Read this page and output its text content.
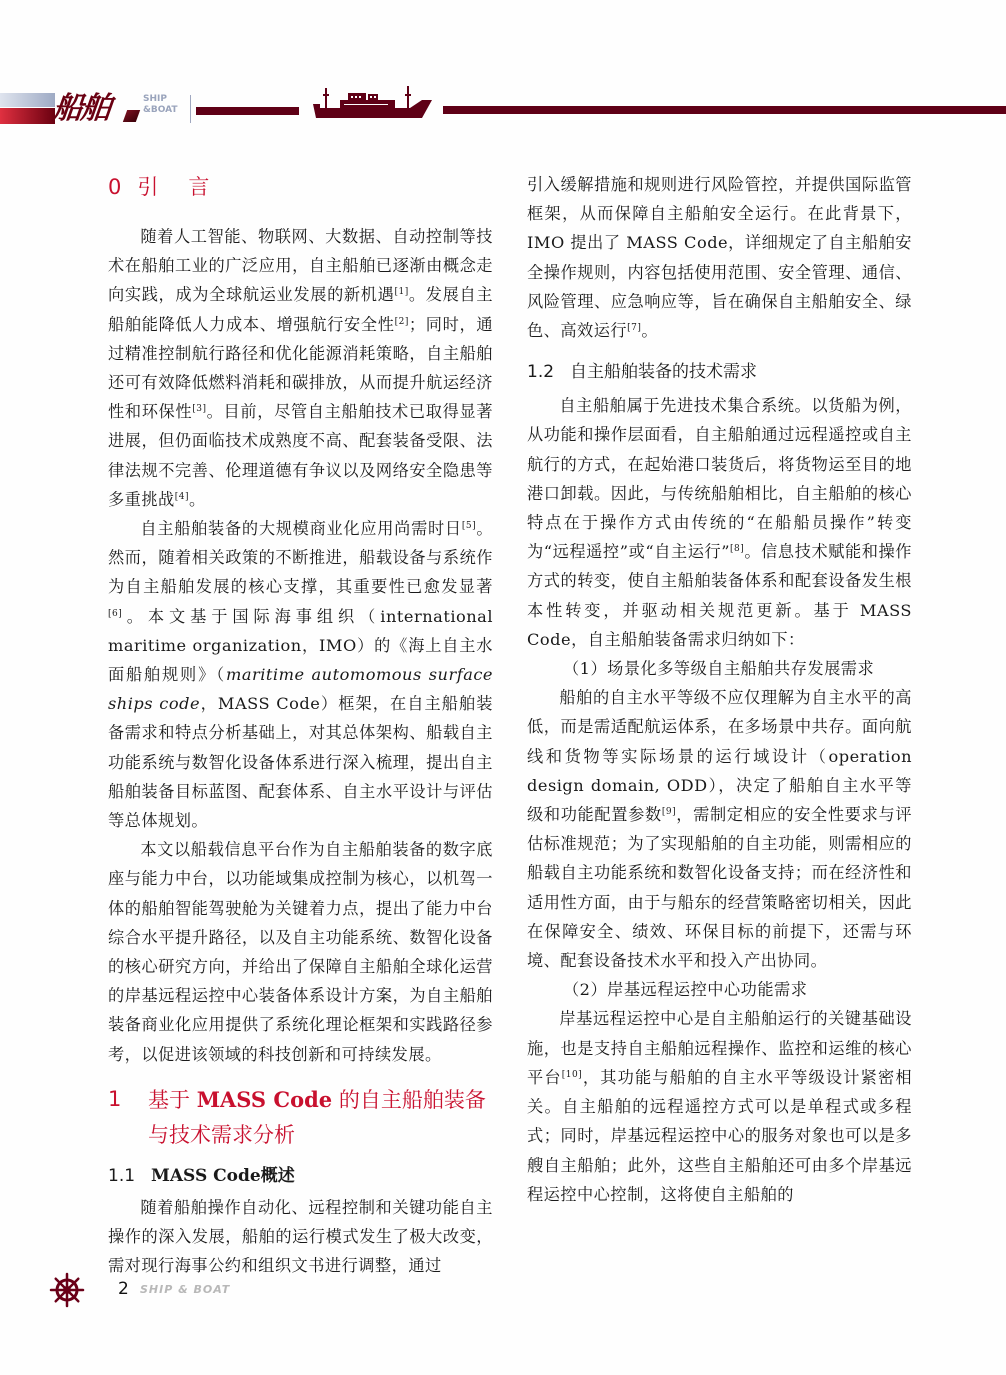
船舶	SHIP
&BOAT
0 引 言

随着人工智能、物联网、大数据、自动控制等技术在船舶工业的广泛应用，自主船舶已逐渐由概念走向实践，成为全球航运业发展的新机遇[1]。发展自主船舶能降低人力成本、增强航行安全性[2]；同时，通过精准控制航行路径和优化能源消耗策略，自主船舶还可有效降低燃料消耗和碳排放，从而提升航运经济性和环保性[3]。目前，尽管自主船舶技术已取得显著进展，但仍面临技术成熟度不高、配套装备受限、法律法规不完善、伦理道德有争议以及网络安全隐患等多重挑战[4]。

自主船舶装备的大规模商业化应用尚需时日[5]。然而，随着相关政策的不断推进，船载设备与系统作为自主船舶发展的核心支撑，其重要性已愈发显著[6]。本文基于国际海事组织（international maritime organization，IMO）的《海上自主水面船舶规则》（maritime automomous surface ships code，MASS Code）框架，在自主船舶装备需求和特点分析基础上，对其总体架构、船载自主功能系统与数智化设备体系进行深入梳理，提出自主船舶装备目标蓝图、配套体系、自主水平设计与评估等总体规划。

本文以船载信息平台作为自主船舶装备的数字底座与能力中台，以功能域集成控制为核心，以机驾一体的船舶智能驾驶舱为关键着力点，提出了能力中台综合水平提升路径，以及自主功能系统、数智化设备的核心研究方向，并给出了保障自主船舶全球化运营的岸基远程运控中心装备体系设计方案，为自主船舶装备商业化应用提供了系统化理论框架和实践路径参考，以促进该领域的科技创新和可持续发展。

1	基于 MASS Code 的自主船舶装备与技术需求分析
1.1 MASS Code概述

随着船舶操作自动化、远程控制和关键功能自主操作的深入发展，船舶的运行模式发生了极大改变，需对现行海事公约和组织文书进行调整，通过

引入缓解措施和规则进行风险管控，并提供国际监管框架，从而保障自主船舶安全运行。在此背景下，IMO 提出了 MASS Code，详细规定了自主船舶安全操作规则，内容包括使用范围、安全管理、通信、风险管理、应急响应等，旨在确保自主船舶安全、绿色、高效运行[7]。

1.2 自主船舶装备的技术需求

自主船舶属于先进技术集合系统。以货船为例，从功能和操作层面看，自主船舶通过远程遥控或自主航行的方式，在起始港口装货后，将货物运至目的地港口卸载。因此，与传统船舶相比，自主船舶的核心特点在于操作方式由传统的“在船船员操作”转变为“远程遥控”或“自主运行”[8]。信息技术赋能和操作方式的转变，使自主船舶装备体系和配套设备发生根本性转变，并驱动相关规范更新。基于 MASS Code，自主船舶装备需求归纳如下：

（1）场景化多等级自主船舶共存发展需求

船舶的自主水平等级不应仅理解为自主水平的高低，而是需适配航运体系，在多场景中共存。面向航线和货物等实际场景的运行域设计（operation design domain, ODD），决定了船舶自主水平等级和功能配置参数[9]，需制定相应的安全性要求与评估标准规范；为了实现船舶的自主功能，则需相应的船载自主功能系统和数智化设备支持；而在经济性和适用性方面，由于与船东的经营策略密切相关，因此在保障安全、绩效、环保目标的前提下，还需与环境、配套设备技术水平和投入产出协同。

（2）岸基远程运控中心功能需求

岸基远程运控中心是自主船舶运行的关键基础设施，也是支持自主船舶远程操作、监控和运维的核心平台[10]，其功能与船舶的自主水平等级设计紧密相关。自主船舶的远程遥控方式可以是单程式或多程式；同时，岸基远程运控中心的服务对象也可以是多艘自主船舶；此外，这些自主船舶还可由多个岸基远程运控中心控制，这将使自主船舶的

2 SHIP & BOAT
